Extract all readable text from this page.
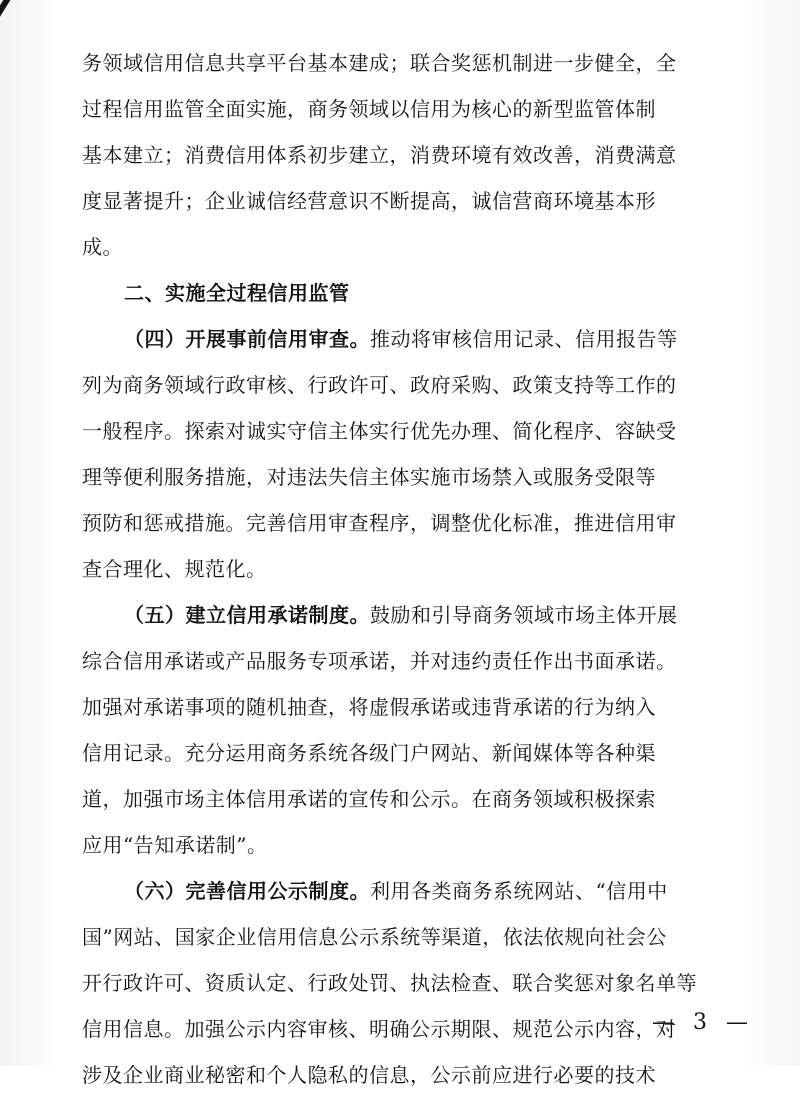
务领域信用信息共享平台基本建成；联合奖惩机制进一步健全，全
过程信用监管全面实施，商务领域以信用为核心的新型监管体制
基本建立；消费信用体系初步建立，消费环境有效改善，消费满意
度显著提升；企业诚信经营意识不断提高，诚信营商环境基本形
成。
二、实施全过程信用监管
（四）开展事前信用审查。推动将审核信用记录、信用报告等
列为商务领域行政审核、行政许可、政府采购、政策支持等工作的
一般程序。探索对诚实守信主体实行优先办理、简化程序、容缺受
理等便利服务措施，对违法失信主体实施市场禁入或服务受限等
预防和惩戒措施。完善信用审查程序，调整优化标准，推进信用审
查合理化、规范化。
（五）建立信用承诺制度。鼓励和引导商务领域市场主体开展
综合信用承诺或产品服务专项承诺，并对违约责任作出书面承诺。
加强对承诺事项的随机抽查，将虚假承诺或违背承诺的行为纳入
信用记录。充分运用商务系统各级门户网站、新闻媒体等各种渠
道，加强市场主体信用承诺的宣传和公示。在商务领域积极探索
应用“告知承诺制”。
（六）完善信用公示制度。利用各类商务系统网站、“信用中
国”网站、国家企业信用信息公示系统等渠道，依法依规向社会公
开行政许可、资质认定、行政处罚、执法检查、联合奖惩对象名单等
信用信息。加强公示内容审核、明确公示期限、规范公示内容，对
涉及企业商业秘密和个人隐私的信息，公示前应进行必要的技术
— 3 —
